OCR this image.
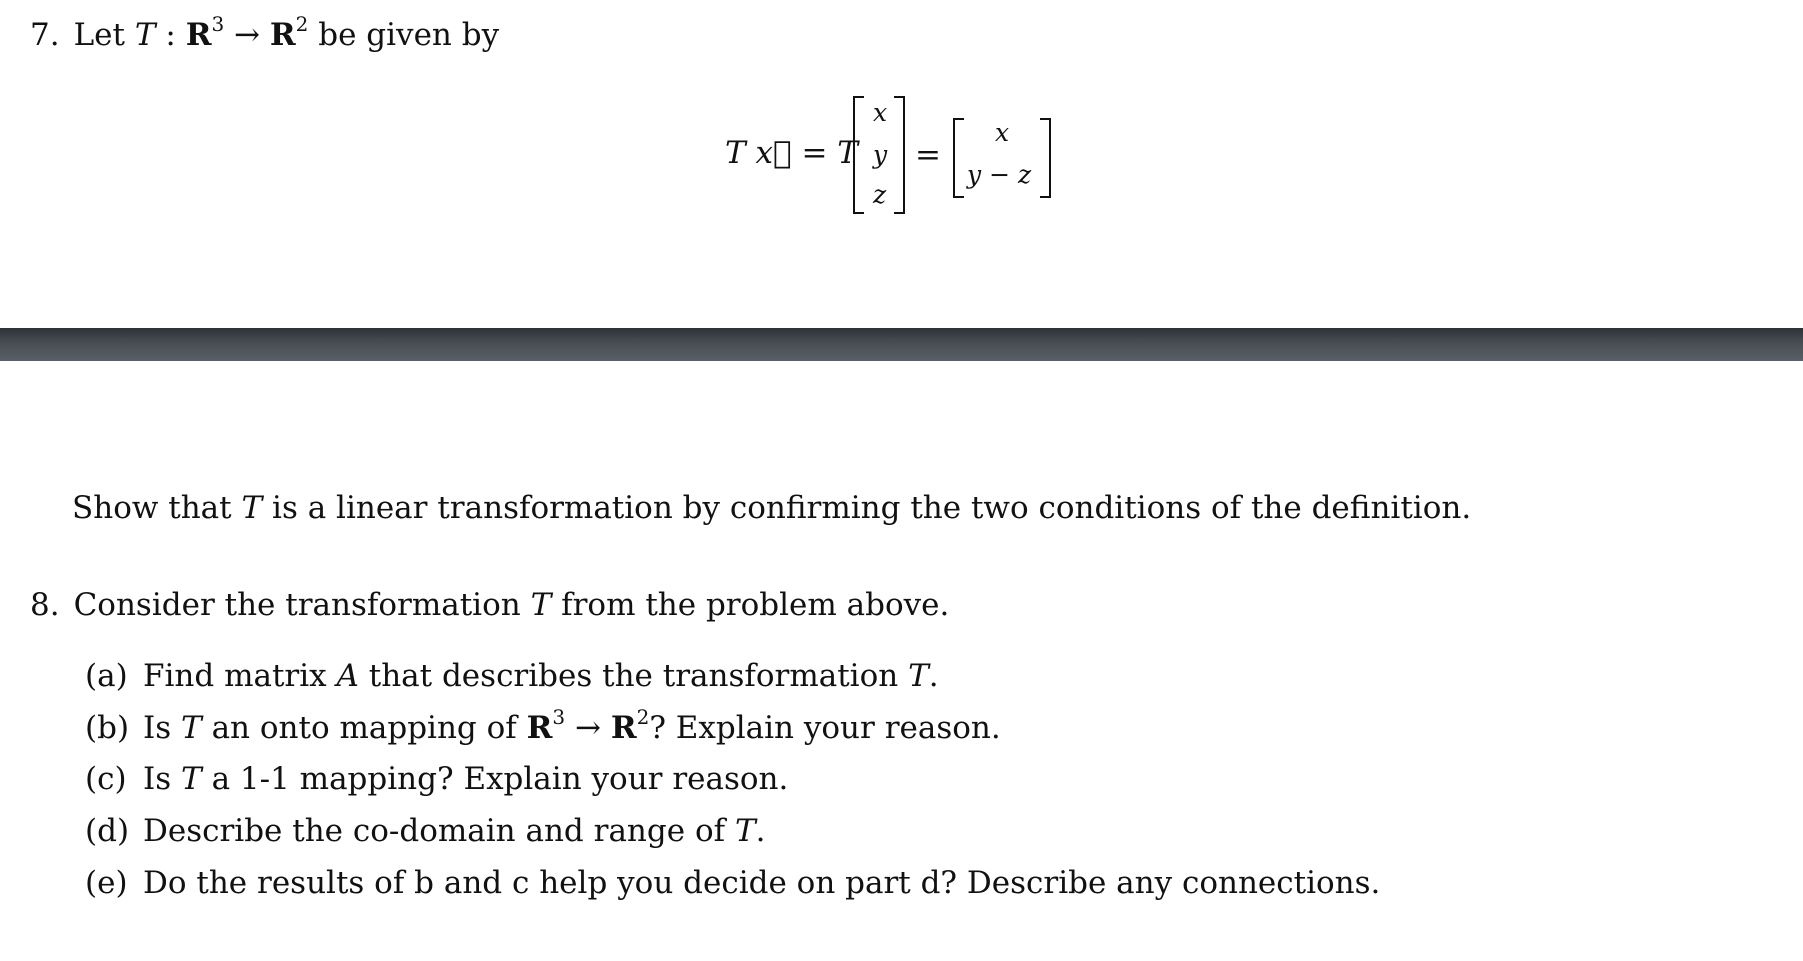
7. Let T : $R^3 \to R^2$ be given by
T x⃗ = T
x
y
z
=
x
y − z
Show that T is a linear transformation by confirming the two conditions of the definition.
8. Consider the transformation T from the problem above.
(a) Find matrix A that describes the transformation T.
(b) Is T an onto mapping of $R^3 \to R^2$? Explain your reason.
(c) Is T a 1-1 mapping? Explain your reason.
(d) Describe the co-domain and range of T.
(e) Do the results of b and c help you decide on part d? Describe any connections.
